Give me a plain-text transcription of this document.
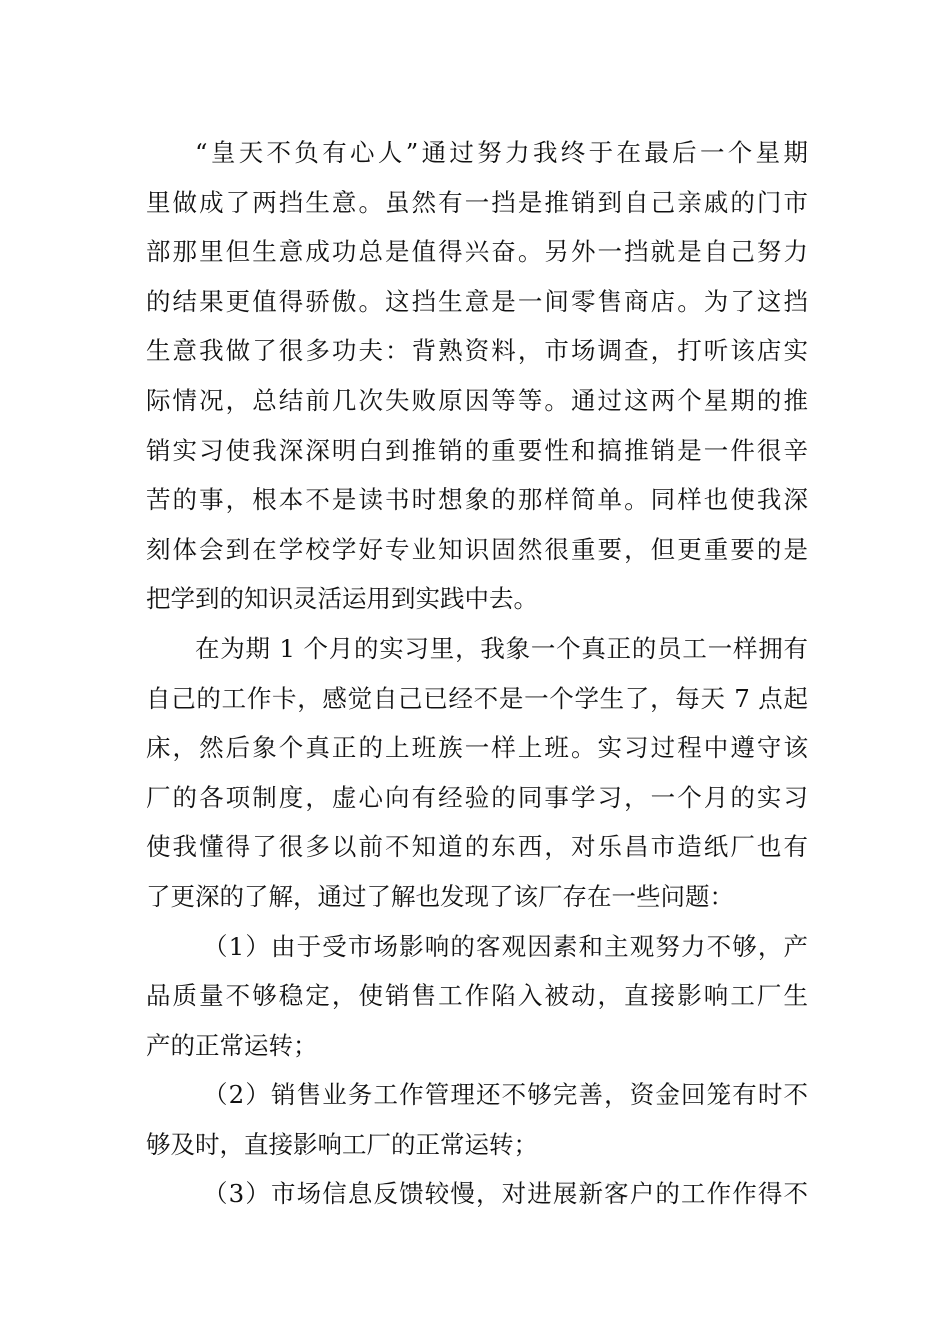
“皇天不负有心人”通过努力我终于在最后一个星期
里做成了两挡生意。虽然有一挡是推销到自己亲戚的门市
部那里但生意成功总是值得兴奋。另外一挡就是自己努力
的结果更值得骄傲。这挡生意是一间零售商店。为了这挡
生意我做了很多功夫：背熟资料，市场调查，打听该店实
际情况，总结前几次失败原因等等。通过这两个星期的推
销实习使我深深明白到推销的重要性和搞推销是一件很辛
苦的事，根本不是读书时想象的那样简单。同样也使我深
刻体会到在学校学好专业知识固然很重要，但更重要的是
把学到的知识灵活运用到实践中去。
在为期 1 个月的实习里，我象一个真正的员工一样拥有
自己的工作卡，感觉自己已经不是一个学生了，每天 7 点起
床，然后象个真正的上班族一样上班。实习过程中遵守该
厂的各项制度，虚心向有经验的同事学习，一个月的实习
使我懂得了很多以前不知道的东西，对乐昌市造纸厂也有
了更深的了解，通过了解也发现了该厂存在一些问题：
（1）由于受市场影响的客观因素和主观努力不够，产
品质量不够稳定，使销售工作陷入被动，直接影响工厂生
产的正常运转；
（2）销售业务工作管理还不够完善，资金回笼有时不
够及时，直接影响工厂的正常运转；
（3）市场信息反馈较慢，对进展新客户的工作作得不
